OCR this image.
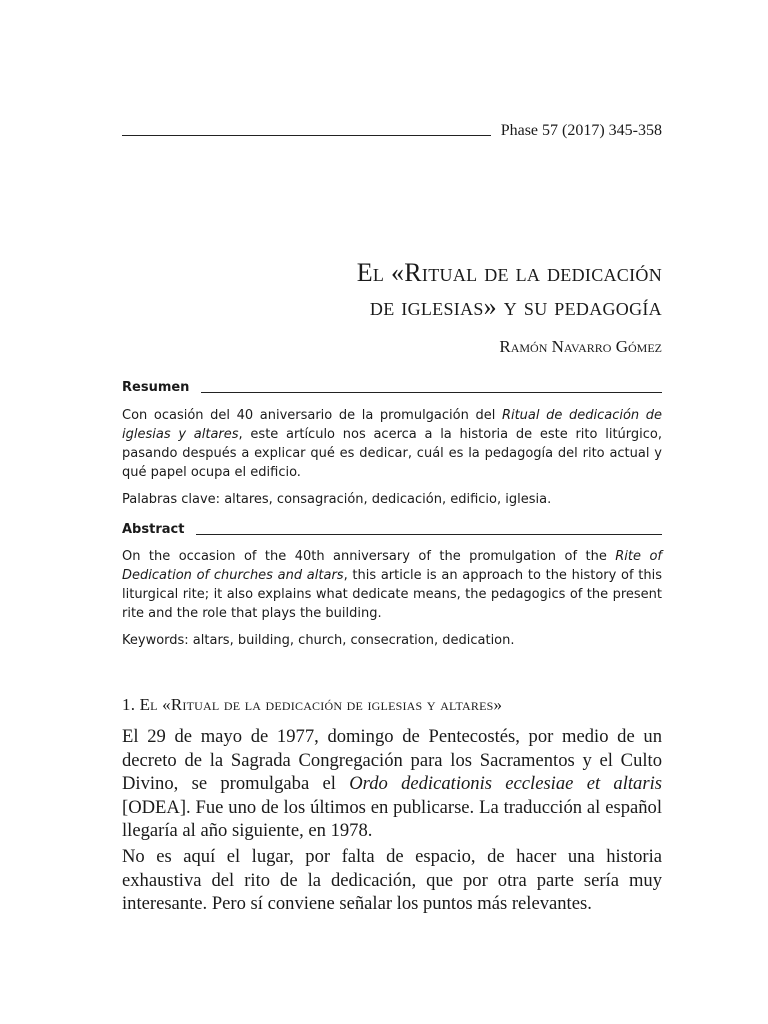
Phase 57 (2017) 345-358
El «Ritual de la dedicación
de iglesias» y su pedagogía
Ramón Navarro Gómez
Resumen

Con ocasión del 40 aniversario de la promulgación del Ritual de dedicación de iglesias y altares, este artículo nos acerca a la historia de este rito litúrgico, pasando después a explicar qué es dedicar, cuál es la pedagogía del rito actual y qué papel ocupa el edificio.

Palabras clave: altares, consagración, dedicación, edificio, iglesia.

Abstract

On the occasion of the 40th anniversary of the promulgation of the Rite of Dedication of churches and altars, this article is an approach to the history of this liturgical rite; it also explains what dedicate means, the pedagogics of the present rite and the role that plays the building.

Keywords: altars, building, church, consecration, dedication.

1. El «Ritual de la dedicación de iglesias y altares»

El 29 de mayo de 1977, domingo de Pentecostés, por medio de un decreto de la Sagrada Congregación para los Sacramentos y el Culto Divino, se promulgaba el Ordo dedicationis ecclesiae et altaris [ODEA]. Fue uno de los últimos en publicarse. La traducción al español llegaría al año siguiente, en 1978.

No es aquí el lugar, por falta de espacio, de hacer una historia exhaustiva del rito de la dedicación, que por otra parte sería muy interesante. Pero sí conviene señalar los puntos más relevantes.
